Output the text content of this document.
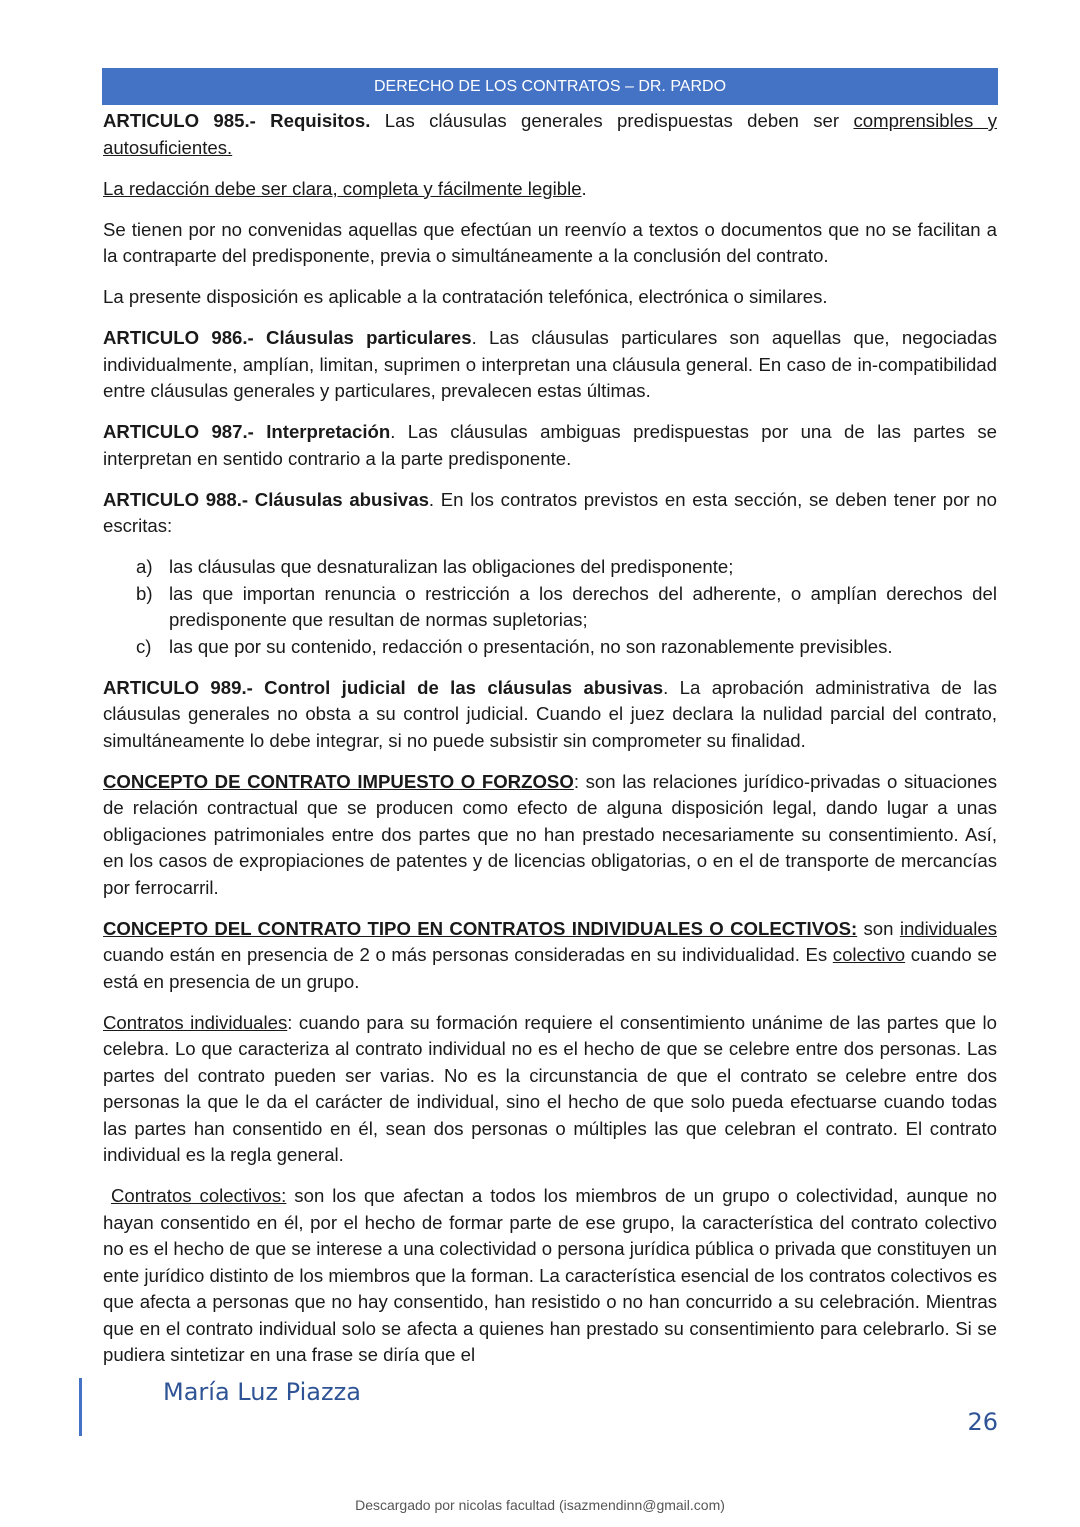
DERECHO DE LOS CONTRATOS – DR. PARDO

ARTICULO 985.- Requisitos. Las cláusulas generales predispuestas deben ser comprensibles y autosuficientes.

La redacción debe ser clara, completa y fácilmente legible.

Se tienen por no convenidas aquellas que efectúan un reenvío a textos o documentos que no se facilitan a la contraparte del predisponente, previa o simultáneamente a la conclusión del contrato.

La presente disposición es aplicable a la contratación telefónica, electrónica o similares.

ARTICULO 986.- Cláusulas particulares. Las cláusulas particulares son aquellas que, negociadas individualmente, amplían, limitan, suprimen o interpretan una cláusula general. En caso de in-compatibilidad entre cláusulas generales y particulares, prevalecen estas últimas.

ARTICULO 987.- Interpretación. Las cláusulas ambiguas predispuestas por una de las partes se interpretan en sentido contrario a la parte predisponente.

ARTICULO 988.- Cláusulas abusivas. En los contratos previstos en esta sección, se deben tener por no escritas:

a) las cláusulas que desnaturalizan las obligaciones del predisponente;
b) las que importan renuncia o restricción a los derechos del adherente, o amplían derechos del predisponente que resultan de normas supletorias;
c) las que por su contenido, redacción o presentación, no son razonablemente previsibles.

ARTICULO 989.- Control judicial de las cláusulas abusivas. La aprobación administrativa de las cláusulas generales no obsta a su control judicial. Cuando el juez declara la nulidad parcial del contrato, simultáneamente lo debe integrar, si no puede subsistir sin comprometer su finalidad.

CONCEPTO DE CONTRATO IMPUESTO O FORZOSO: son las relaciones jurídico-privadas o situaciones de relación contractual que se producen como efecto de alguna disposición legal, dando lugar a unas obligaciones patrimoniales entre dos partes que no han prestado necesariamente su consentimiento. Así, en los casos de expropiaciones de patentes y de licencias obligatorias, o en el de transporte de mercancías por ferrocarril.

CONCEPTO DEL CONTRATO TIPO EN CONTRATOS INDIVIDUALES O COLECTIVOS: son individuales cuando están en presencia de 2 o más personas consideradas en su individualidad. Es colectivo cuando se está en presencia de un grupo.

Contratos individuales: cuando para su formación requiere el consentimiento unánime de las partes que lo celebra. Lo que caracteriza al contrato individual no es el hecho de que se celebre entre dos personas. Las partes del contrato pueden ser varias. No es la circunstancia de que el contrato se celebre entre dos personas la que le da el carácter de individual, sino el hecho de que solo pueda efectuarse cuando todas las partes han consentido en él, sean dos personas o múltiples las que celebran el contrato. El contrato individual es la regla general.

Contratos colectivos: son los que afectan a todos los miembros de un grupo o colectividad, aunque no hayan consentido en él, por el hecho de formar parte de ese grupo, la característica del contrato colectivo no es el hecho de que se interese a una colectividad o persona jurídica pública o privada que constituyen un ente jurídico distinto de los miembros que la forman. La característica esencial de los contratos colectivos es que afecta a personas que no hay consentido, han resistido o no han concurrido a su celebración. Mientras que en el contrato individual solo se afecta a quienes han prestado su consentimiento para celebrarlo. Si se pudiera sintetizar en una frase se diría que el

María Luz Piazza
26
Descargado por nicolas facultad (isazmendinn@gmail.com)
